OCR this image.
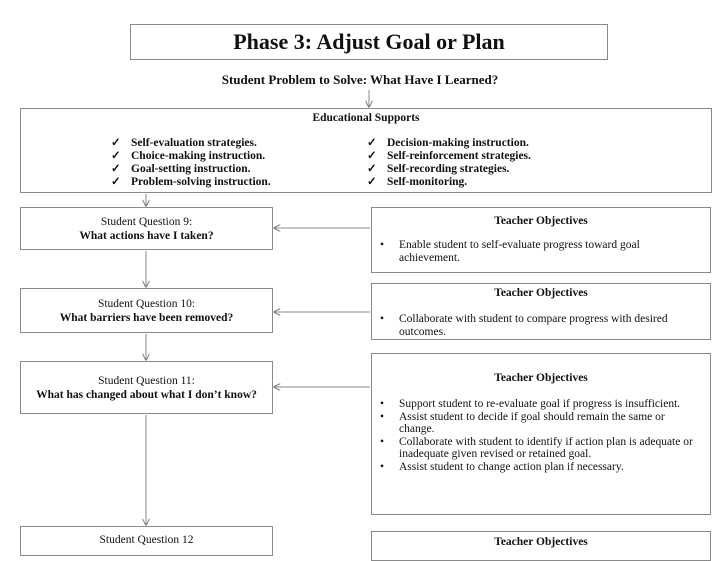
Phase 3: Adjust Goal or Plan
Student Problem to Solve: What Have I Learned?
Educational Supports
✓ Self-evaluation strategies.
✓ Choice-making instruction.
✓ Goal-setting instruction.
✓ Problem-solving instruction.
✓ Decision-making instruction.
✓ Self-reinforcement strategies.
✓ Self-recording strategies.
✓ Self-monitoring.
Student Question 9:
What actions have I taken?
Student Question 10:
What barriers have been removed?
Student Question 11:
What has changed about what I don’t know?
Student Question 12
Teacher Objectives
• Enable student to self-evaluate progress toward goal achievement.
Teacher Objectives
• Collaborate with student to compare progress with desired outcomes.
Teacher Objectives
• Support student to re-evaluate goal if progress is insufficient.
• Assist student to decide if goal should remain the same or change.
• Collaborate with student to identify if action plan is adequate or inadequate given revised or retained goal.
• Assist student to change action plan if necessary.
Teacher Objectives
